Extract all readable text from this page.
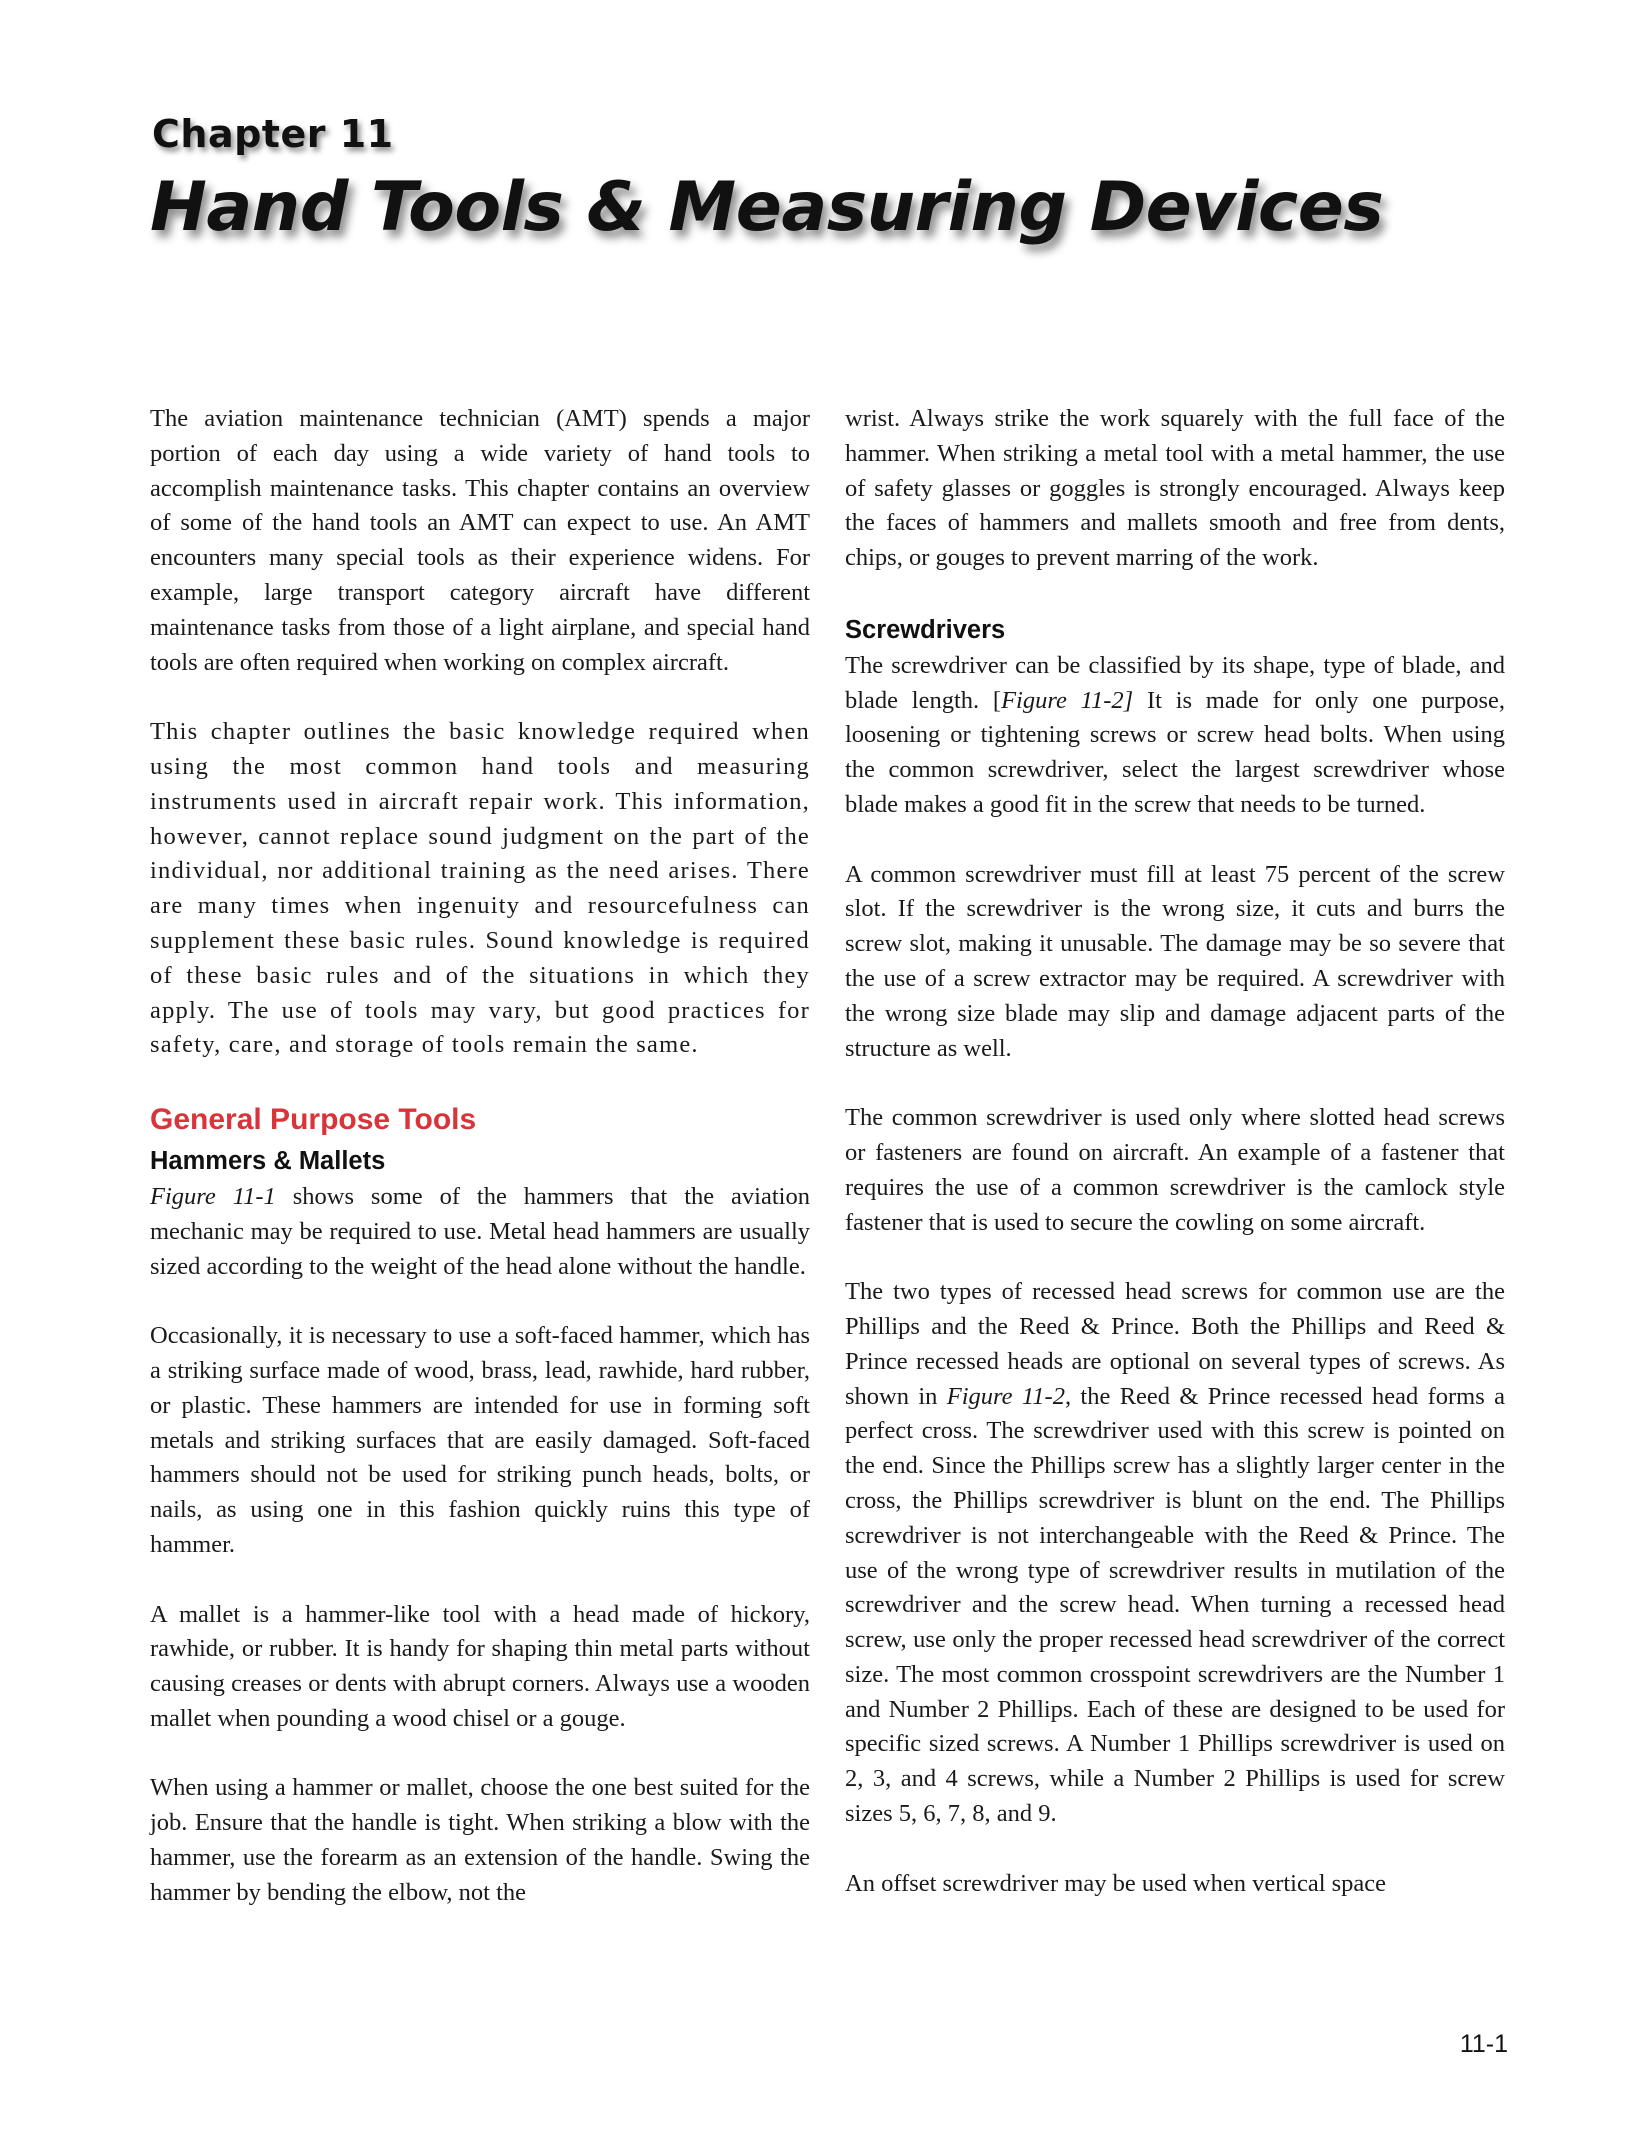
Chapter 11
Hand Tools & Measuring Devices

The aviation maintenance technician (AMT) spends a major portion of each day using a wide variety of hand tools to accomplish maintenance tasks. This chapter contains an overview of some of the hand tools an AMT can expect to use. An AMT encounters many special tools as their experience widens. For example, large transport category aircraft have different maintenance tasks from those of a light airplane, and special hand tools are often required when working on complex aircraft.

This chapter outlines the basic knowledge required when using the most common hand tools and measuring instruments used in aircraft repair work. This information, however, cannot replace sound judgment on the part of the individual, nor additional training as the need arises. There are many times when ingenuity and resourcefulness can supplement these basic rules. Sound knowledge is required of these basic rules and of the situations in which they apply. The use of tools may vary, but good practices for safety, care, and storage of tools remain the same.

General Purpose Tools
Hammers & Mallets

Figure 11-1 shows some of the hammers that the aviation mechanic may be required to use. Metal head hammers are usually sized according to the weight of the head alone without the handle.

Occasionally, it is necessary to use a soft-faced hammer, which has a striking surface made of wood, brass, lead, rawhide, hard rubber, or plastic. These hammers are intended for use in forming soft metals and striking surfaces that are easily damaged. Soft-faced hammers should not be used for striking punch heads, bolts, or nails, as using one in this fashion quickly ruins this type of hammer.

A mallet is a hammer-like tool with a head made of hickory, rawhide, or rubber. It is handy for shaping thin metal parts without causing creases or dents with abrupt corners. Always use a wooden mallet when pounding a wood chisel or a gouge.

When using a hammer or mallet, choose the one best suited for the job. Ensure that the handle is tight. When striking a blow with the hammer, use the forearm as an extension of the handle. Swing the hammer by bending the elbow, not the

wrist. Always strike the work squarely with the full face of the hammer. When striking a metal tool with a metal hammer, the use of safety glasses or goggles is strongly encouraged. Always keep the faces of hammers and mallets smooth and free from dents, chips, or gouges to prevent marring of the work.

Screwdrivers

The screwdriver can be classified by its shape, type of blade, and blade length. [Figure 11-2] It is made for only one purpose, loosening or tightening screws or screw head bolts. When using the common screwdriver, select the largest screwdriver whose blade makes a good fit in the screw that needs to be turned.

A common screwdriver must fill at least 75 percent of the screw slot. If the screwdriver is the wrong size, it cuts and burrs the screw slot, making it unusable. The damage may be so severe that the use of a screw extractor may be required. A screwdriver with the wrong size blade may slip and damage adjacent parts of the structure as well.

The common screwdriver is used only where slotted head screws or fasteners are found on aircraft. An example of a fastener that requires the use of a common screwdriver is the camlock style fastener that is used to secure the cowling on some aircraft.

The two types of recessed head screws for common use are the Phillips and the Reed & Prince. Both the Phillips and Reed & Prince recessed heads are optional on several types of screws. As shown in Figure 11-2, the Reed & Prince recessed head forms a perfect cross. The screwdriver used with this screw is pointed on the end. Since the Phillips screw has a slightly larger center in the cross, the Phillips screwdriver is blunt on the end. The Phillips screwdriver is not interchangeable with the Reed & Prince. The use of the wrong type of screwdriver results in mutilation of the screwdriver and the screw head. When turning a recessed head screw, use only the proper recessed head screwdriver of the correct size. The most common crosspoint screwdrivers are the Number 1 and Number 2 Phillips. Each of these are designed to be used for specific sized screws. A Number 1 Phillips screwdriver is used on 2, 3, and 4 screws, while a Number 2 Phillips is used for screw sizes 5, 6, 7, 8, and 9.

An offset screwdriver may be used when vertical space

11-1
